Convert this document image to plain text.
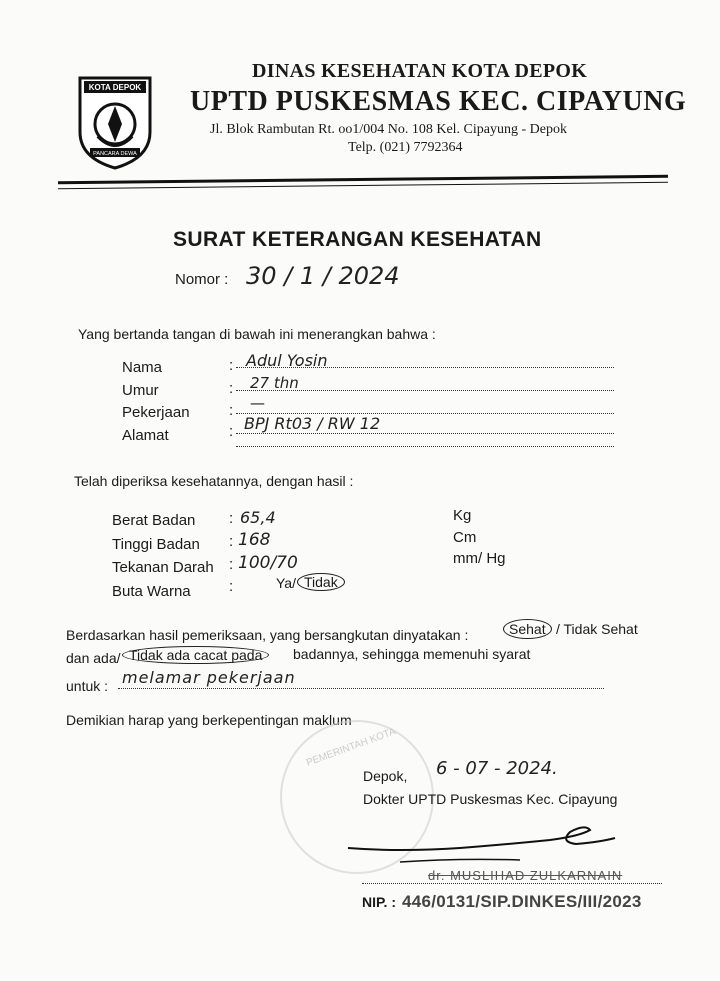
KOTA DEPOK
PANCARA DEWA
DINAS KESEHATAN KOTA DEPOK
UPTD PUSKESMAS KEC. CIPAYUNG
Jl. Blok Rambutan Rt. oo1/004 No. 108 Kel. Cipayung - Depok
Telp. (021) 7792364
SURAT KETERANGAN KESEHATAN
Nomor : 30 / 1 / 2024
Yang bertanda tangan di bawah ini menerangkan bahwa :
Nama	: Adul Yosin
Umur	: 27 thn
Pekerjaan	: —
Alamat	: BPJ Rt03 / RW 12
Telah diperiksa kesehatannya, dengan hasil :
Berat Badan : 65,4	Kg
Tinggi Badan : 168	Cm
Tekanan Darah : 100/70	mm/ Hg
Buta Warna	:	Ya/ Tidak
Berdasarkan hasil pemeriksaan, yang bersangkutan dinyatakan :	Sehat / Tidak Sehat
dan ada/ Tidak ada cacat pada	badannya, sehingga memenuhi syarat
untuk : melamar pekerjaan
Demikian harap yang berkepentingan maklum
PEMERINTAH KOTA
Depok, 6 - 07 - 2024.
Dokter UPTD Puskesmas Kec. Cipayung
dr. MUSLIHAD ZULKARNAIN
NIP. : 446/0131/SIP.DINKES/III/2023
